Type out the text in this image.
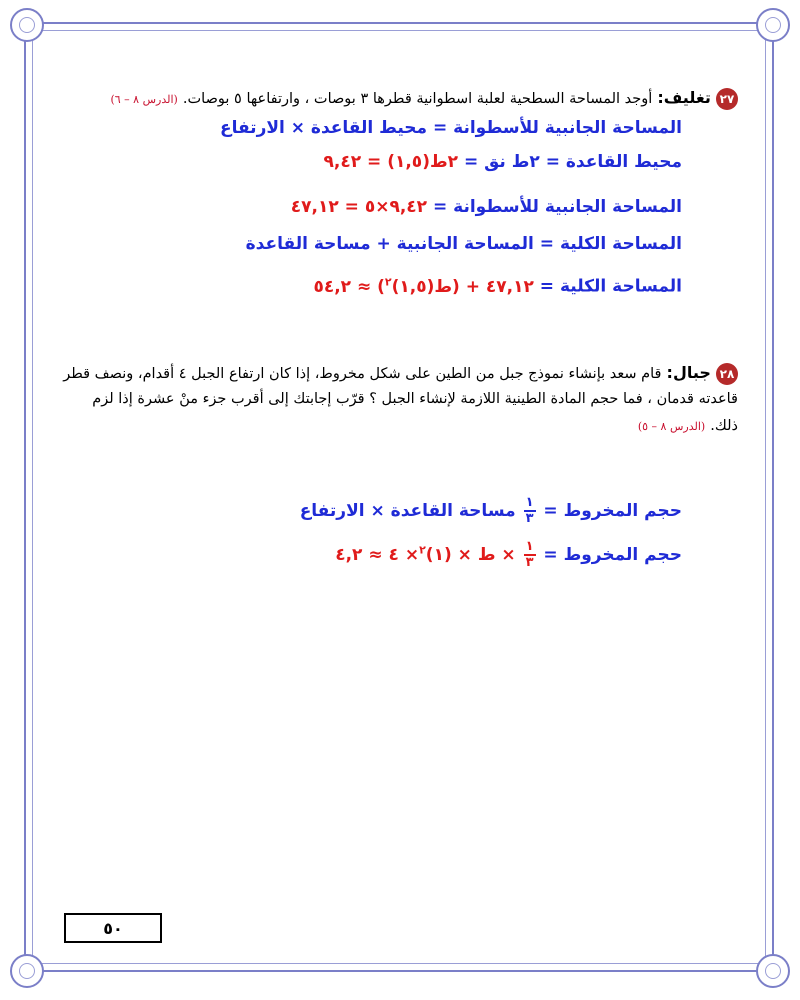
٢٧ تغليف: أوجد المساحة السطحية لعلبة اسطوانية قطرها ٣ بوصات ، وارتفاعها ٥ بوصات. (الدرس ٨ – ٦)
المساحة الجانبية للأسطوانة = محيط القاعدة × الارتفاع
محيط القاعدة = ٢ط نق = ٢ط(١,٥) = ٩,٤٢
المساحة الجانبية للأسطوانة = ٩,٤٢×٥ = ٤٧,١٢
المساحة الكلية = المساحة الجانبية + مساحة القاعدة
المساحة الكلية = ٤٧,١٢ + (ط(١,٥)$^٢$) ≈ ٥٤,٢
٢٨ جبال: قام سعد بإنشاء نموذج جبل من الطين على شكل مخروط، إذا كان ارتفاع الجبل ٤ أقدام، ونصف قطر
قاعدته قدمان ، فما حجم المادة الطينية اللازمة لإنشاء الجبل ؟ قرّب إجابتك إلى أقرب جزء منْ عشرة إذا لزم
ذلك. (الدرس ٨ – ٥)
حجم المخروط =
$\frac{١}{٣}$
مساحة القاعدة × الارتفاع
حجم المخروط =
$\frac{١}{٣}$
× ط × (١)$^٢$× ٤ ≈ ٤,٢
٥٠
